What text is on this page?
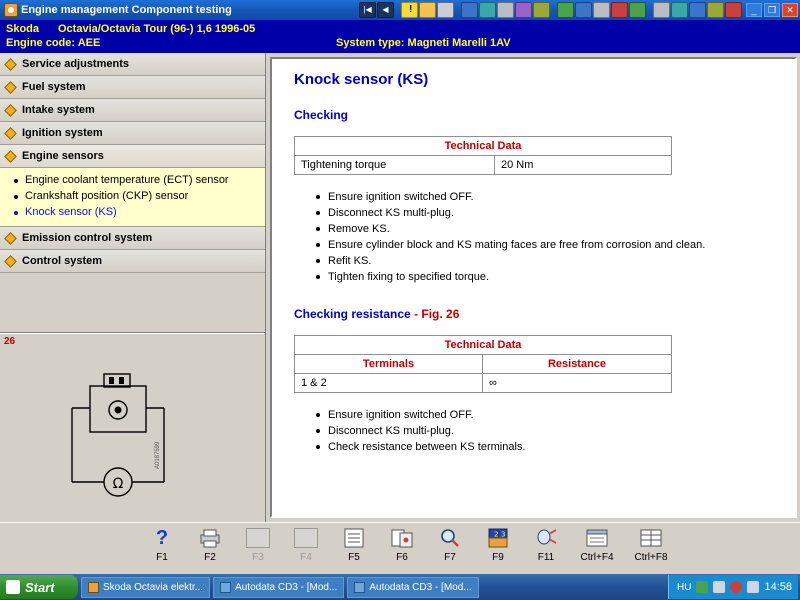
Engine management Component testing	|◀	◀ !	_	❐	✕
Skoda	Octavia/Octavia Tour (96-) 1,6 1996-05
Engine code: AEE	System type: Magneti Marelli 1AV
Service adjustments
Fuel system
Intake system
Ignition system
Engine sensors
Engine coolant temperature (ECT) sensor
Crankshaft position (CKP) sensor
Knock sensor (KS)
Emission control system
Control system
26
Ω
A0187599
Knock sensor (KS)
Checking
Technical Data
Tightening torque	20 Nm
Ensure ignition switched OFF.
Disconnect KS multi-plug.
Remove KS.
Ensure cylinder block and KS mating faces are free from corrosion and clean.
Refit KS.
Tighten fixing to specified torque.
Checking resistance - Fig. 26
Technical Data	
Terminals	Resistance
1 & 2	∞
Ensure ignition switched OFF.
Disconnect KS multi-plug.
Check resistance between KS terminals.
?
F1	F2	F3	F4	F5	F6	F7
2 3
F9	F11	Ctrl+F4 Ctrl+F8
Start	Skoda Octavia elektr...	Autodata CD3 - [Mod...	Autodata CD3 - [Mod...	HU	14:58
